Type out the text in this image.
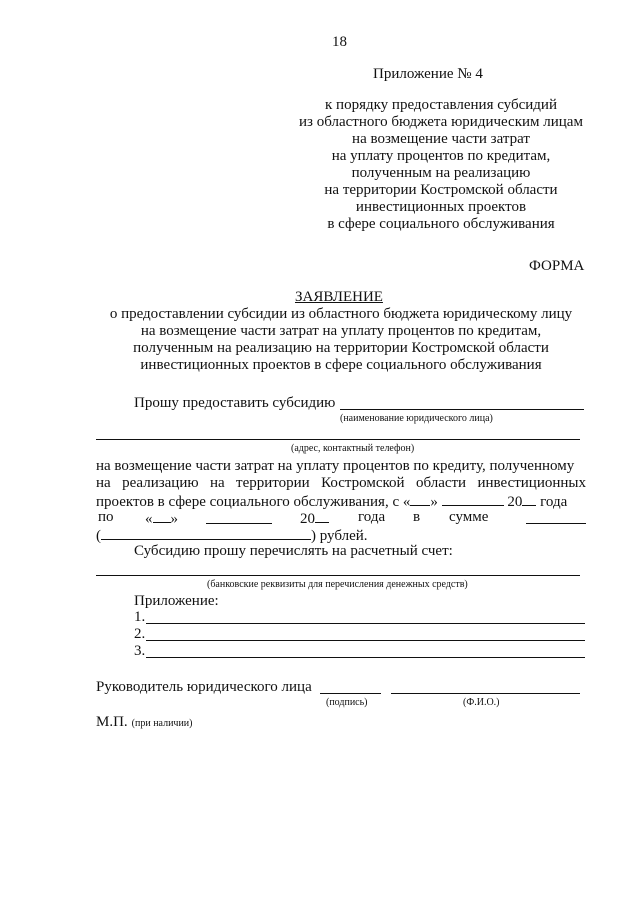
18
Приложение № 4
к порядку предоставления субсидий
из областного бюджета юридическим лицам
на возмещение части затрат
на уплату процентов по кредитам,
полученным на реализацию
на территории Костромской области
инвестиционных проектов
в сфере социального обслуживания
ФОРМА
ЗАЯВЛЕНИЕ
о предоставлении субсидии из областного бюджета юридическому лицу
на возмещение части затрат на уплату процентов по кредитам,
полученным на реализацию на территории Костромской области
инвестиционных проектов в сфере социального обслуживания
Прошу предоставить субсидию
(наименование юридического лица)
(адрес, контактный телефон)
на возмещение части затрат на уплату процентов по кредиту, полученному
на реализацию на территории Костромской области инвестиционных
проектов в сфере социального обслуживания, с « »	20 года
по « »	20	года в сумме
(	) рублей.
Субсидию прошу перечислять на расчетный счет:
(банковские реквизиты для перечисления денежных средств)
Приложение:
1.
2.
3.
Руководитель юридического лица
(подпись)	(Ф.И.О.)
М.П. (при наличии)
